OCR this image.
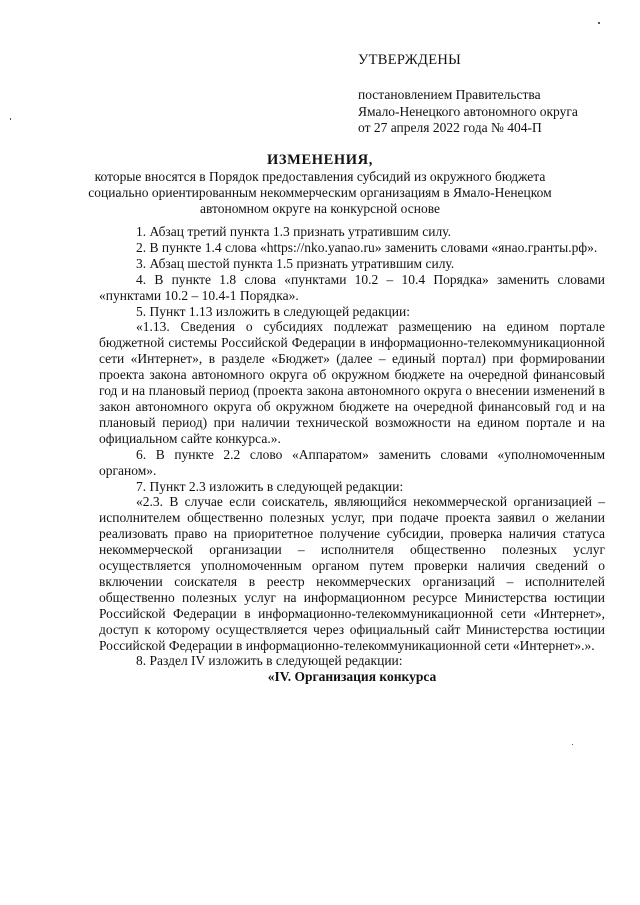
УТВЕРЖДЕНЫ
постановлением Правительства
Ямало-Ненецкого автономного округа
от 27 апреля 2022 года № 404-П
ИЗМЕНЕНИЯ,
которые вносятся в Порядок предоставления субсидий из окружного бюджета социально ориентированным некоммерческим организациям в Ямало-Ненецком автономном округе на конкурсной основе

1. Абзац третий пункта 1.3 признать утратившим силу.

2. В пункте 1.4 слова «https://nko.yanao.ru» заменить словами «янао.гранты.рф».

3. Абзац шестой пункта 1.5 признать утратившим силу.

4. В пункте 1.8 слова «пунктами 10.2 – 10.4 Порядка» заменить словами «пунктами 10.2 – 10.4-1 Порядка».

5. Пункт 1.13 изложить в следующей редакции:

«1.13. Сведения о субсидиях подлежат размещению на едином портале бюджетной системы Российской Федерации в информационно-телекоммуникационной сети «Интернет», в разделе «Бюджет» (далее – единый портал) при формировании проекта закона автономного округа об окружном бюджете на очередной финансовый год и на плановый период (проекта закона автономного округа о внесении изменений в закон автономного округа об окружном бюджете на очередной финансовый год и на плановый период) при наличии технической возможности на едином портале и на официальном сайте конкурса.».

6. В пункте 2.2 слово «Аппаратом» заменить словами «уполномоченным органом».

7. Пункт 2.3 изложить в следующей редакции:

«2.3. В случае если соискатель, являющийся некоммерческой организацией – исполнителем общественно полезных услуг, при подаче проекта заявил о желании реализовать право на приоритетное получение субсидии, проверка наличия статуса некоммерческой организации – исполнителя общественно полезных услуг осуществляется уполномоченным органом путем проверки наличия сведений о включении соискателя в реестр некоммерческих организаций – исполнителей общественно полезных услуг на информационном ресурсе Министерства юстиции Российской Федерации в информационно-телекоммуникационной сети «Интернет», доступ к которому осуществляется через официальный сайт Министерства юстиции Российской Федерации в информационно-телекоммуникационной сети «Интернет».».

8. Раздел IV изложить в следующей редакции:

«IV. Организация конкурса
